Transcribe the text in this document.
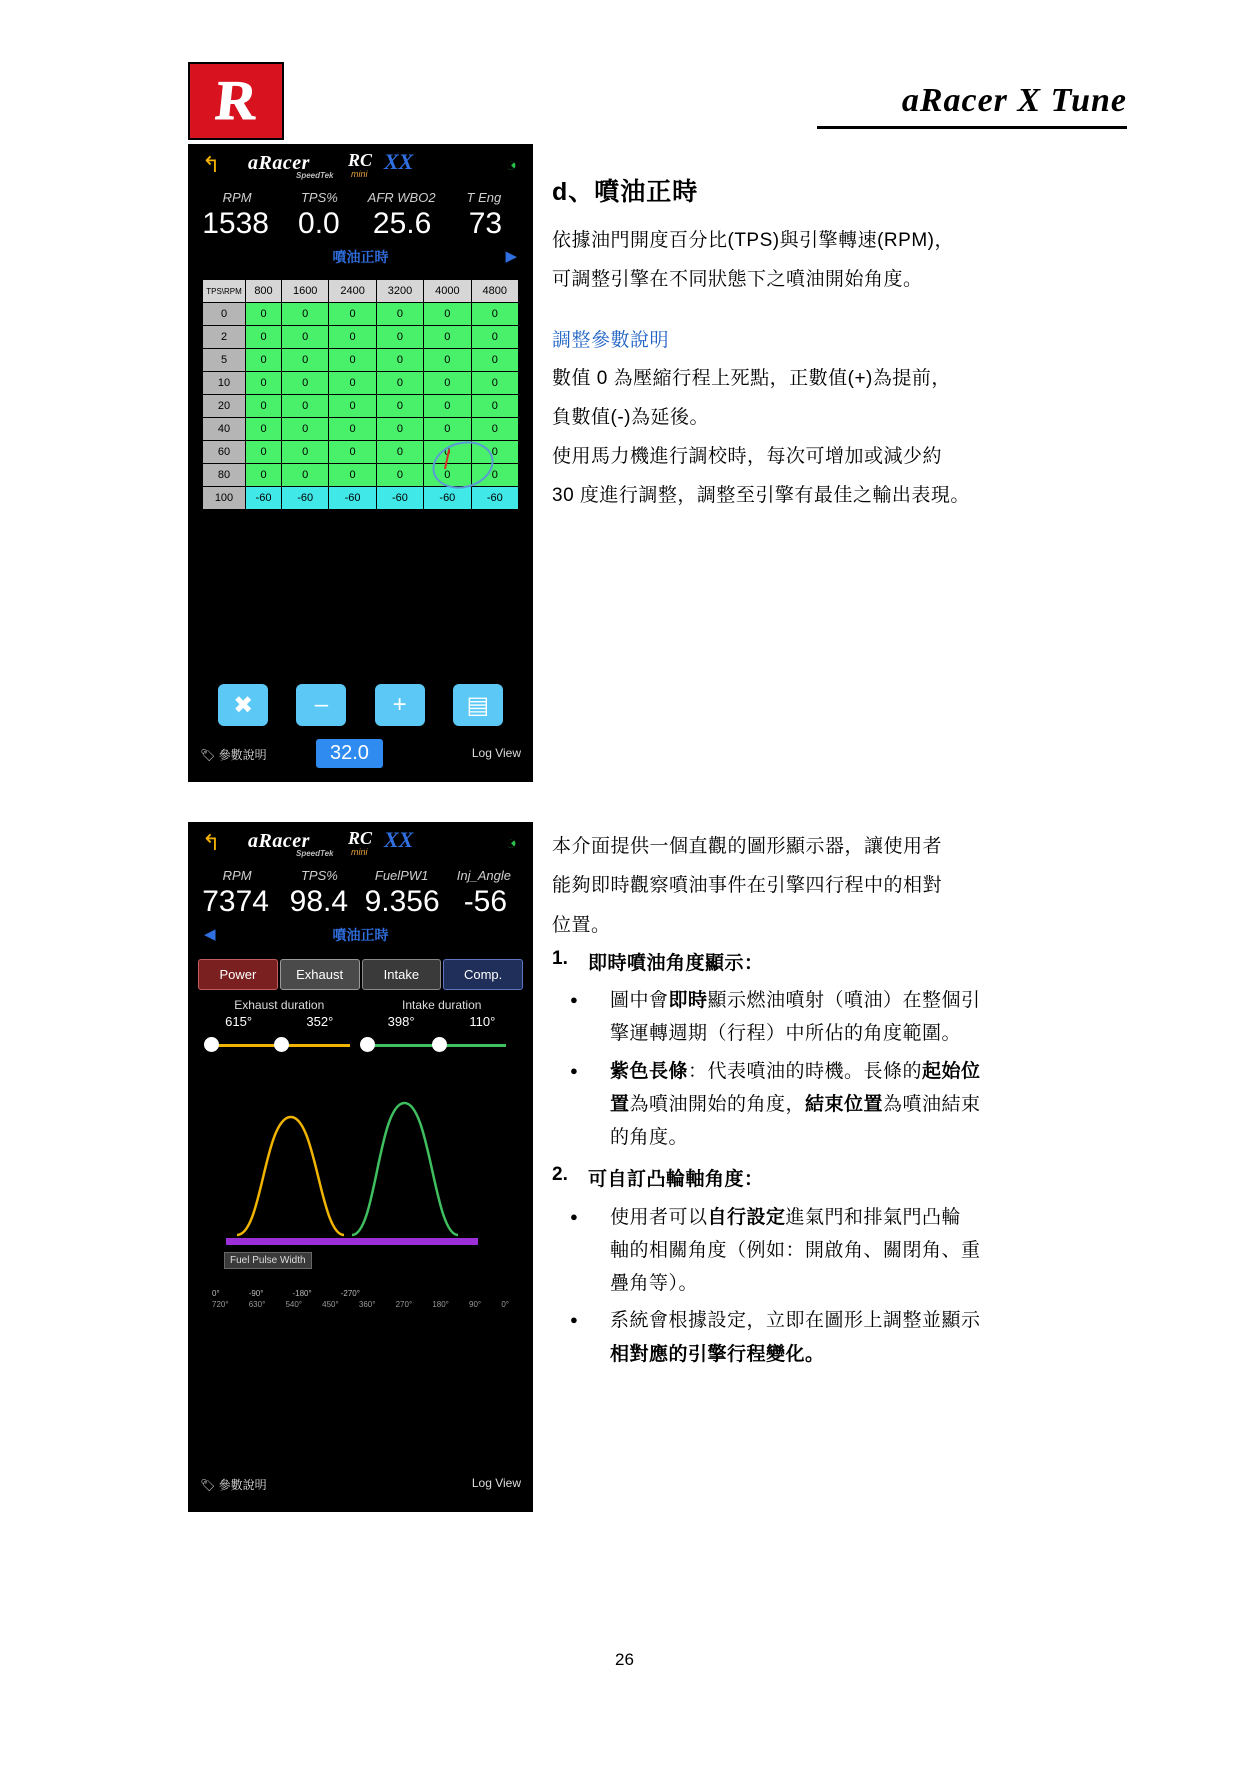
R	aRacer X Tune
↰ aRacer
SpeedTek
RC
mini XX	◔
RPM	TPS%	AFR WBO2	T Eng
1538 0.0	25.6	73
噴油正時	▶
TPS\RPM	800	1600	2400	3200	4000	4800
0	0	0	0	0	0	0
2	0	0	0	0	0	0
5	0	0	0	0	0	0
10	0	0	0	0	0	0
20	0	0	0	0	0	0
40	0	0	0	0	0	0
60	0	0	0	0	0	0
80	0	0	0	0	0	0
100	-60	-60	-60	-60	-60	-60
✖	–	+	▤
🏷 參數說明	32.0	Log View
↰ aRacer
SpeedTek
RC
mini XX	◔
RPM	TPS%	FuelPW1	Inj_Angle
7374 98.4 9.356 -56
◀	噴油正時
Power	Exhaust	Intake	Comp.
Exhaust duration	Intake duration
615°	352°	398°	110°
Fuel Pulse Width
0°	-90°	-180°	-270°
720°	630°	540°	450°	360°	270°	180°	90°	0°
🏷 參數說明	Log View
d、噴油正時
依據油門開度百分比(TPS)與引擎轉速(RPM)，
可調整引擎在不同狀態下之噴油開始角度。
調整參數說明
數值 0 為壓縮行程上死點，正數值(+)為提前，
負數值(-)為延後。
使用馬力機進行調校時，每次可增加或減少約
30 度進行調整，調整至引擎有最佳之輸出表現。
本介面提供一個直觀的圖形顯示器，讓使用者
能夠即時觀察噴油事件在引擎四行程中的相對
位置。
1.	即時噴油角度顯示：
●	圖中會即時顯示燃油噴射（噴油）在整個引
擎運轉週期（行程）中所佔的角度範圍。
●	紫色長條：代表噴油的時機。長條的起始位
置為噴油開始的角度，結束位置為噴油結束
的角度。
2.	可自訂凸輪軸角度：
●	使用者可以自行設定進氣門和排氣門凸輪
軸的相關角度（例如：開啟角、關閉角、重
疊角等）。
●	系統會根據設定，立即在圖形上調整並顯示
相對應的引擎行程變化。
26
